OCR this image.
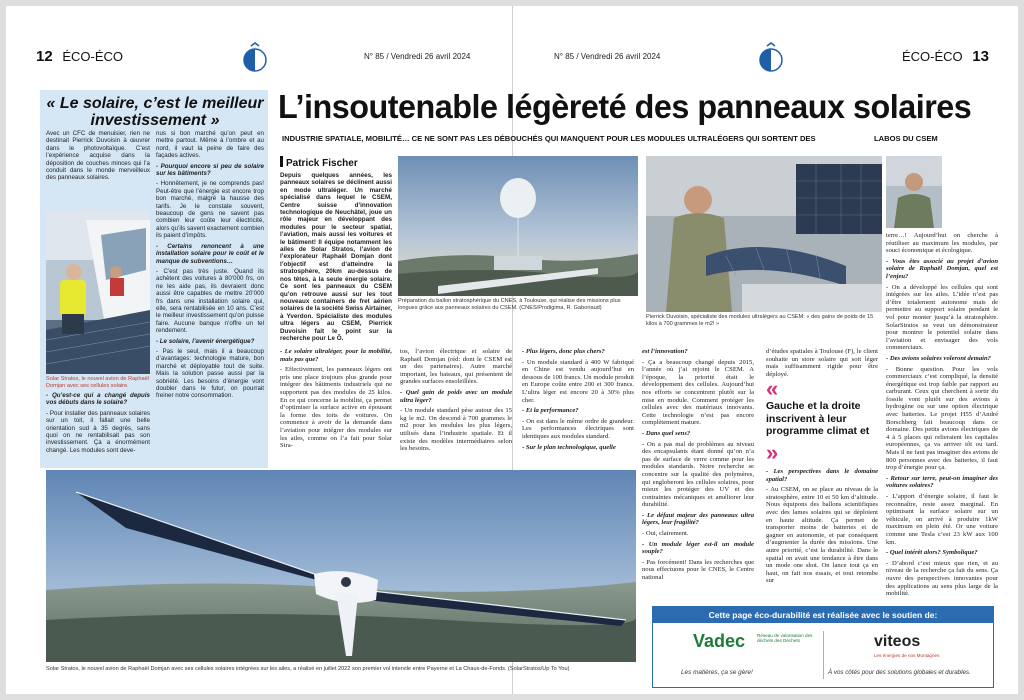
12 ÉCO-ÉCO	N° 85 / Vendredi 26 avril 2024	N° 85 / Vendredi 26 avril 2024	ÉCO-ÉCO 13
« Le solaire, c’est le meilleur investissement »

Avec un CFC de menuisier, rien ne destinait Pierrick Duvoisin à œuvrer dans le photovoltaïque. C’est l’expérience acquise dans la déposition de couches minces qui l’a conduit dans le monde merveilleux des panneaux solaires.

Solar Stratos, le nouvel avion de Raphaël Domjan avec ses cellules solaire.

- Qu’est-ce qui a changé depuis vos débuts dans le solaire?

- Pour installer des panneaux solaires sur un toit, il fallait une belle orientation sud à 35 degrés, sans quoi on ne rentabilisait pas son investissement. Ça a énormément changé. Les modules sont deve-

nus si bon marché qu’on peut en mettre partout. Même à l’ombre et au nord, il vaut la peine de faire des façades actives.

- Pourquoi encore si peu de solaire sur les bâtiments?

- Honnêtement, je ne comprends pas! Peut-être que l’énergie est encore trop bon marché, malgré la hausse des tarifs. Je le constate souvent, beaucoup de gens ne savent pas combien leur coûte leur électricité, alors qu’ils savent exactement combien ils paient d’impôts.

- Certains renoncent à une installation solaire pour le coût et le manque de subventions…

- C’est pas très juste. Quand ils achètent des voitures à 80’000 frs, on ne les aide pas, ils devraient donc aussi être capables de mettre 20’000 frs dans une installation solaire qui, elle, sera rentabilisée en 10 ans. C’est le meilleur investissement qu’on puisse faire. Aucune banque n’offre un tel rendement.

- Le solaire, l’avenir énergétique?

- Pas le seul, mais il a beaucoup d’avantages: technologie mature, bon marché et déployable tout de suite. Mais la solution passe aussi par la sobriété. Les besoins d’énergie vont doubler dans le futur, on pourrait freiner notre consommation.

L’insoutenable légèreté des panneaux solaires
INDUSTRIE SPATIALE, MOBILITÉ… CE NE SONT PAS LES DÉBOUCHÉS QUI MANQUENT POUR LES MODULES ULTRALÉGERS QUI SORTENT DES	LABOS DU CSEM
Patrick Fischer
Depuis quelques années, les panneaux solaires se déclinent aussi en mode ultraléger. Un marché spécialisé dans lequel le CSEM, Centre suisse d’innovation technologique de Neuchâtel, joue un rôle majeur en développant des modules pour le secteur spatial, l’aviation, mais aussi les voitures et le bâtiment! Il équipe notamment les ailes de Solar Stratos, l’avion de l’explorateur Raphaël Domjan dont l’objectif est d’atteindre la stratosphère, 20km au-dessus de nos têtes, à la seule énergie solaire. Ce sont les panneaux du CSEM qu’on retrouve aussi sur les tout nouveaux containers de fret aérien solaires de la société Swiss Airtainer, à Yverdon. Spécialiste des modules ultra légers au CSEM, Pierrick Duvoisin fait le point sur la recherche pour Le Ô.
Préparation du ballon stratosphérique du CNES, à Toulouse, qui réalise des missions plus longues grâce aux panneaux solaires du CSEM. (CNES/Prodigima, R. Gaboriaud)
Pierrick Duvoisin, spécialiste des modules ultralégers au CSEM: « des gains de poids de 15 kilos à 700 grammes le m2! »

- Le solaire ultraléger, pour la mobilité, mais pas que?

- Effectivement, les panneaux légers ont pris une place toujours plus grande pour intégrer des bâtiments industriels qui ne supportent pas des modules de 25 kilos. En ce qui concerne la mobilité, ça permet d’optimiser la surface active en épousant la forme des toits de voitures. On commence à avoir de la demande dans l’aviation pour intégrer des modules sur les ailes, comme on l’a fait pour Solar Stra-

tos, l’avion électrique et solaire de Raphaël Domjan (réd: dont le CSEM est un des partenaires). Autre marché important, les bateaux, qui présentent de grandes surfaces ensoleillées.

- Quel gain de poids avec un module ultra léger?

- Un module standard pèse autour des 15 kg le m2. On descend à 700 grammes le m2 pour les modules les plus légers, utilisés dans l’industrie spatiale. Et il existe des modèles intermédiaires selon les besoins.

- Plus légers, donc plus chers?

- Un module standard à 400 W fabriqué en Chine est vendu aujourd’hui en dessous de 100 francs. Un module produit en Europe coûte entre 200 et 300 francs. L’ultra léger est encore 20 à 30% plus cher.

- Et la performance?

- On est dans le même ordre de grandeur. Les performances électriques sont identiques aux modules standard.

- Sur le plan technologique, quelle

est l’innovation?

- Ça a beaucoup changé depuis 2015, l’année où j’ai rejoint le CSEM. A l’époque, la priorité était le développement des cellules. Aujourd’hui nos efforts se concentrent plutôt sur la mise en module. Comment protéger les cellules avec des matériaux innovants. Cette technologie n’est pas encore complètement mature.

- Dans quel sens?

- On a pas mal de problèmes au niveau des encapsulants étant donné qu’on n’a pas de surface de verre comme pour les modules standards. Notre recherche se concentre sur la qualité des polymères, qui engloberont les cellules solaires, pour mieux les protéger des UV et des contraintes mécaniques et améliorer leur durabilité.

- Le défaut majeur des panneaux ultra légers, leur fragilité?

- Oui, clairement.

- Un module léger est-il un module souple?

- Pas forcément! Dans les recherches que nous effectuons pour le CNES, le Centre national

d’études spatiales à Toulouse (F), le client souhaite un store solaire qui soit léger mais suffisamment rigide pour être déployé.

«
Gauche et la droite inscrivent à leur programme climat et
»

- Les perspectives dans le domaine spatial?

- Au CSEM, on se place au niveau de la stratosphère, entre 10 et 50 km d’altitude. Nous équipons des ballons scientifiques avec des lames solaires qui se déploient en haute altitude. Ça permet de transporter moins de batteries et de gagner en autonomie, et par conséquent d’augmenter la durée des missions. Une autre priorité, c’est la durabilité. Dans le spatial on avait une tendance à être dans un mode one shot. On lance tout ça en haut, on fait nos essais, et tout retombe sur

terre…! Aujourd’hui on cherche à réutiliser au maximum les modules, par souci économique et écologique.

- Vous êtes associé au projet d’avion solaire de Raphaël Domjan, quel est l’enjeu?

- On a développé les cellules qui sont intégrées sur les ailes. L’idée n’est pas d’être totalement autonome mais de permettre au support solaire pendant le vol pour monter jusqu’à la stratosphère. SolarStratos se veut un démonstrateur pour montrer le potentiel solaire dans l’aviation et envisager des vols commerciaux.

- Des avions solaires voleront demain?

- Bonne question. Pour les vols commerciaux c’est compliqué, la densité énergétique est trop faible par rapport au carburant. Ceux qui cherchent à sortir du fossile vont plutôt sur des avions à hydrogène ou sur une option électrique avec batteries. Le projet H55 d’André Borschberg fait beaucoup dans ce domaine. Des petits avions électriques de 4 à 5 places qui relieraient les capitales européennes, ça va arriver tôt ou tard. Mais il ne faut pas imaginer des avions de 800 personnes avec des batteries, il faut trop d’énergie pour ça.

- Retour sur terre, peut-on imaginer des voitures solaires?

- L’apport d’énergie solaire, il faut le reconnaître, reste assez marginal. En optimisant la surface solaire sur un véhicule, on arrivé à produire 1kW maximum en plein été. Or une voiture comme une Tesla c’est 23 kW aux 100 km.

- Quel intérêt alors? Symbolique?

- D’abord c’est mieux que rien, et au niveau de la recherche ça fait du sens. Ça ouvre des perspectives innovantes pour des applications au sens plus large de la mobilité.

Solar Stratos, le nouvel avion de Raphaël Domjan avec ses cellules solaires intégrées sur les ailes, a réalisé en juillet 2022 son premier vol intervile entre Payerne et La Chaux-de-Fonds. (SolarStratos/Up To You)
Cette page éco-durabilité est réalisée avec le soutien de:
Vadec	Réseau de valorisation des déchets des Déchets
Les matières, ça se gère!
viteos
Les énergies de nos Montagnes
À vos côtés pour des solutions globales et durables.
